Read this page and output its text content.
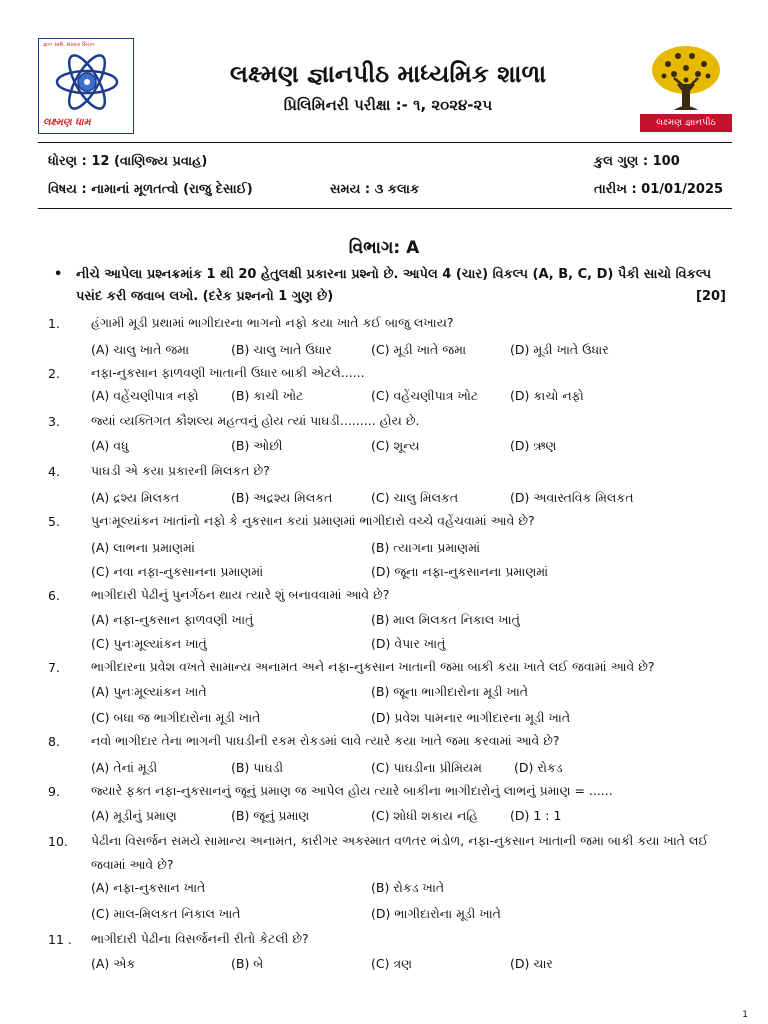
જ્ઞાન સાથે, સંસ્કાર સિંચન
લક્ષ્મણ ધામ
લક્ષ્મણ જ્ઞાનપીઠ માધ્યમિક શાળા
પ્રિલિમિનરી પરીક્ષા :- ૧, ૨૦૨૪-૨૫
લક્ષ્મણ જ્ઞાનપીઠ
ધોરણ : 12 (વાણિજ્ય પ્રવાહ)	કુલ ગુણ : 100
વિષય : નામાનાં મૂળતત્વો (રાજુ દેસાઈ)	સમય : ૩ કલાક	તારીખ : 01/01/2025
વિભાગ: A
• નીચે આપેલા પ્રશ્નક્રમાંક 1 થી 20 હેતુલક્ષી પ્રકારના પ્રશ્નો છે. આપેલ 4 (ચાર) વિકલ્પ (A, B, C, D) પૈકી સાચો વિકલ્પ પસંદ કરી જવાબ લખો. (દરેક પ્રશ્નનો 1 ગુણ છે)	[20]
1. હંગામી મૂડી પ્રથામાં ભાગીદારના ભાગનો નફો કયા ખાતે કઈ બાજુ લખાય?
(A) ચાલુ ખાતે જમા	(B) ચાલુ ખાતે ઉધાર	(C) મૂડી ખાતે જમા	(D) મૂડી ખાતે ઉધાર
2. નફા-નુકસાન ફાળવણી ખાતાની ઉધાર બાકી એટલે......
(A) વહેંચણીપાત્ર નફો	(B) કાચી ખોટ	(C) વહેંચણીપાત્ર ખોટ	(D) કાચો નફો
3. જ્યાં વ્યક્તિગત કૌશલ્ય મહત્વનું હોય ત્યાં પાઘડી......... હોય છે.
(A) વધુ	(B) ઓછી	(C) શૂન્ય	(D) ઋણ
4. પાઘડી એ કયા પ્રકારની મિલકત છે?
(A) દ્રશ્ય મિલકત	(B) અદ્રશ્ય મિલકત	(C) ચાલુ મિલકત	(D) અવાસ્તવિક મિલકત
5. પુનઃમૂલ્યાંકન ખાતાંનો નફો કે નુકસાન કયાં પ્રમાણમાં ભાગીદારો વચ્ચે વહેંચવામાં આવે છે?
(A) લાભના પ્રમાણમાં	(B) ત્યાગના પ્રમાણમાં
(C) નવા નફા-નુકસાનના પ્રમાણમાં	(D) જૂના નફા-નુકસાનના પ્રમાણમાં
6. ભાગીદારી પેઢીનું પુનર્ગઠન થાય ત્યારે શું બનાવવામાં આવે છે?
(A) નફા-નુકસાન ફાળવણી ખાતું	(B) માલ મિલકત નિકાલ ખાતું
(C) પુનઃમૂલ્યાંકન ખાતું	(D) વેપાર ખાતું
7. ભાગીદારના પ્રવેશ વખતે સામાન્ય અનામત અને નફા-નુકસાન ખાતાની જમા બાકી કયા ખાતે લઈ જવામાં આવે છે?
(A) પુનઃમૂલ્યાંકન ખાતે	(B) જૂના ભાગીદારોના મૂડી ખાતે
(C) બધા જ ભાગીદારોના મૂડી ખાતે	(D) પ્રવેશ પામનાર ભાગીદારના મૂડી ખાતે
8. નવો ભાગીદાર તેના ભાગની પાઘડીની રકમ રોકડમાં લાવે ત્યારે કયા ખાતે જમા કરવામાં આવે છે?
(A) તેનાં મૂડી	(B) પાઘડી	(C) પાઘડીના પ્રીમિયમ	(D) રોકડ
9. જ્યારે ફક્ત નફા-નુકસાનનું જૂનું પ્રમાણ જ આપેલ હોય ત્યારે બાકીના ભાગીદારોનું લાભનું પ્રમાણ = ......
(A) મૂડીનું પ્રમાણ	(B) જૂનું પ્રમાણ	(C) શોધી શકાય નહિ	(D) 1 : 1
10. પેઢીના વિસર્જન સમયે સામાન્ય અનામત, કારીગર અકસ્માત વળતર ભંડોળ, નફા-નુકસાન ખાતાની જમા બાકી કયા ખાતે લઈ જવામાં આવે છે?
(A) નફા-નુકસાન ખાતે	(B) રોકડ ખાતે
(C) માલ-મિલકત નિકાલ ખાતે	(D) ભાગીદારોના મૂડી ખાતે
11 . ભાગીદારી પેઢીના વિસર્જનની રીતો કેટલી છે?
(A) એક	(B) બે	(C) ત્રણ	(D) ચાર
1
